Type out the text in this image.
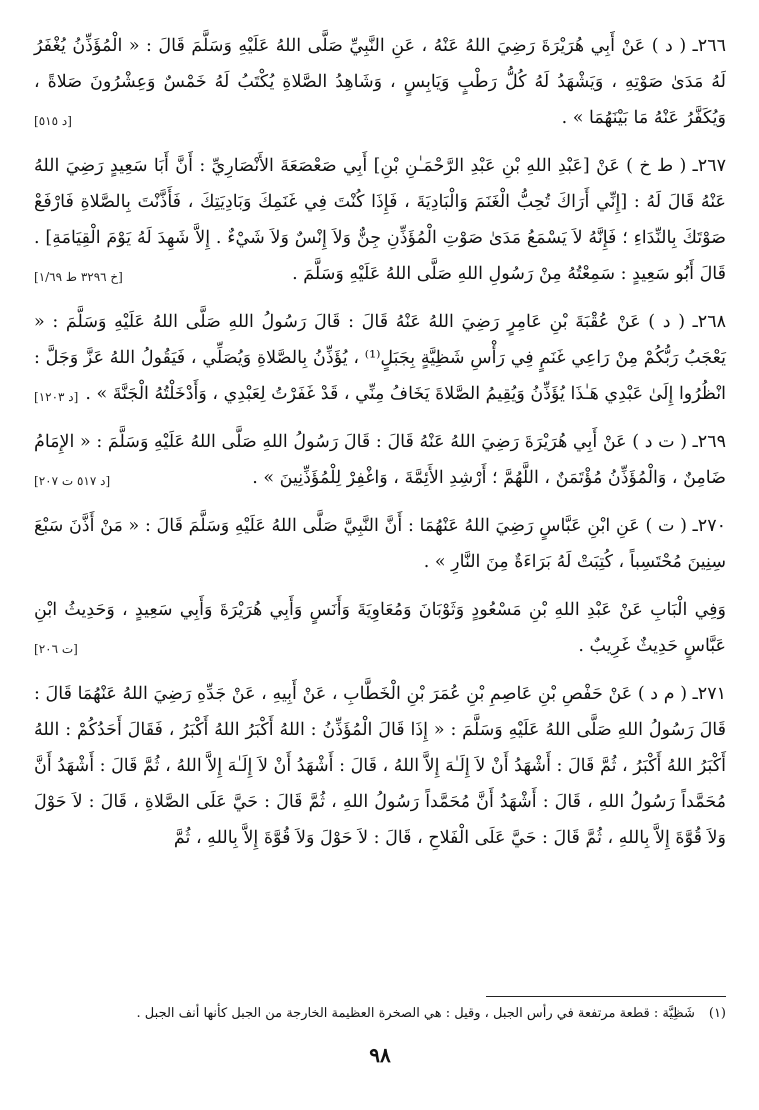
٢٦٦ـ ( د ) عَنْ أَبِي هُرَيْرَةَ رَضِيَ اللهُ عَنْهُ ، عَنِ النَّبِيِّ صَلَّى اللهُ عَلَيْهِ وَسَلَّمَ قَالَ : « الْمُؤَذِّنُ يُغْفَرُ لَهُ مَدَىٰ صَوْتِهِ ، وَيَشْهَدُ لَهُ كُلُّ رَطْبٍ وَيَابِسٍ ، وَشَاهِدُ الصَّلاةِ يُكْتَبُ لَهُ خَمْسٌ وَعِشْرُونَ صَلاةً ، وَيُكَفَّرُ عَنْهُ مَا بَيْنَهُمَا » .

[د ٥١٥]

٢٦٧ـ ( ط خ ) عَنْ [عَبْدِ اللهِ بْنِ عَبْدِ الرَّحْمَـٰنِ بْنِ] أَبِي صَعْصَعَةَ الأَنْصَارِيِّ : أَنَّ أَبَا سَعِيدٍ رَضِيَ اللهُ عَنْهُ قَالَ لَهُ : [إِنِّي أَرَاكَ تُحِبُّ الْغَنَمَ وَالْبَادِيَةَ ، فَإِذَا كُنْتَ فِي غَنَمِكَ وَبَادِيَتِكَ ، فَأَذَّنْتَ بِالصَّلاةِ فَارْفَعْ صَوْتَكَ بِالنِّدَاءِ ؛ فَإِنَّهُ لاَ يَسْمَعُ مَدَىٰ صَوْتِ الْمُؤَذِّنِ جِنٌّ وَلاَ إِنْسٌ وَلاَ شَيْءٌ . إِلاَّ شَهِدَ لَهُ يَوْمَ الْقِيَامَةِ] . قَالَ أَبُو سَعِيدٍ : سَمِعْتُهُ مِنْ رَسُولِ اللهِ صَلَّى اللهُ عَلَيْهِ وَسَلَّمَ .

[خ ٣٢٩٦ ط ١/٦٩]

٢٦٨ـ ( د ) عَنْ عُقْبَةَ بْنِ عَامِرٍ رَضِيَ اللهُ عَنْهُ قَالَ : قَالَ رَسُولُ اللهِ صَلَّى اللهُ عَلَيْهِ وَسَلَّمَ : « يَعْجَبُ رَبُّكُمْ مِنْ رَاعِي غَنَمٍ فِي رَأْسِ شَظِيَّةٍ بِجَبَلٍ⁽¹⁾ ، يُؤَذِّنُ بِالصَّلاةِ وَيُصَلِّي ، فَيَقُولُ اللهُ عَزَّ وَجَلَّ : انْظُرُوا إِلَىٰ عَبْدِي هَـٰذَا يُؤَذِّنُ وَيُقِيمُ الصَّلاةَ يَخَافُ مِنِّي ، قَدْ غَفَرْتُ لِعَبْدِي ، وَأَدْخَلْتُهُ الْجَنَّةَ » .

[د ١٢٠٣]

٢٦٩ـ ( ت د ) عَنْ أَبِي هُرَيْرَةَ رَضِيَ اللهُ عَنْهُ قَالَ : قَالَ رَسُولُ اللهِ صَلَّى اللهُ عَلَيْهِ وَسَلَّمَ : « الإِمَامُ ضَامِنٌ ، وَالْمُؤَذِّنُ مُؤْتَمَنٌ ، اللَّهُمَّ ؛ أَرْشِدِ الأَئِمَّةَ ، وَاغْفِرْ لِلْمُؤَذِّنِينَ » .

[د ٥١٧ ت ٢٠٧]

٢٧٠ـ ( ت ) عَنِ ابْنِ عَبَّاسٍ رَضِيَ اللهُ عَنْهُمَا : أَنَّ النَّبِيَّ صَلَّى اللهُ عَلَيْهِ وَسَلَّمَ قَالَ : « مَنْ أَذَّنَ سَبْعَ سِنِينَ مُحْتَسِباً ، كُتِبَتْ لَهُ بَرَاءَةٌ مِنَ النَّارِ » .

وَفِي الْبَابِ عَنْ عَبْدِ اللهِ بْنِ مَسْعُودٍ وَثَوْبَانَ وَمُعَاوِيَةَ وَأَنَسٍ وَأَبِي هُرَيْرَةَ وَأَبِي سَعِيدٍ ، وَحَدِيثُ ابْنِ عَبَّاسٍ حَدِيثٌ غَرِيبٌ .

[ت ٢٠٦]

٢٧١ـ ( م د ) عَنْ حَفْصِ بْنِ عَاصِمِ بْنِ عُمَرَ بْنِ الْخَطَّابِ ، عَنْ أَبِيهِ ، عَنْ جَدِّهِ رَضِيَ اللهُ عَنْهُمَا قَالَ : قَالَ رَسُولُ اللهِ صَلَّى اللهُ عَلَيْهِ وَسَلَّمَ : « إِذَا قَالَ الْمُؤَذِّنُ : اللهُ أَكْبَرُ اللهُ أَكْبَرُ ، فَقَالَ أَحَدُكُمْ : اللهُ أَكْبَرُ اللهُ أَكْبَرُ ، ثُمَّ قَالَ : أَشْهَدُ أَنْ لاَ إِلَـٰهَ إِلاَّ اللهُ ، قَالَ : أَشْهَدُ أَنْ لاَ إِلَـٰهَ إِلاَّ اللهُ ، ثُمَّ قَالَ : أَشْهَدُ أَنَّ مُحَمَّداً رَسُولُ اللهِ ، قَالَ : أَشْهَدُ أَنَّ مُحَمَّداً رَسُولُ اللهِ ، ثُمَّ قَالَ : حَيَّ عَلَى الصَّلاةِ ، قَالَ : لاَ حَوْلَ وَلاَ قُوَّةَ إِلاَّ بِاللهِ ، ثُمَّ قَالَ : حَيَّ عَلَى الْفَلاحِ ، قَالَ : لاَ حَوْلَ وَلاَ قُوَّةَ إِلاَّ بِاللهِ ، ثُمَّ

(١)شَظِيَّة : قطعة مرتفعة في رأس الجبل ، وقيل : هي الصخرة العظيمة الخارجة من الجبل كأنها أنف الجبل .
٩٨
